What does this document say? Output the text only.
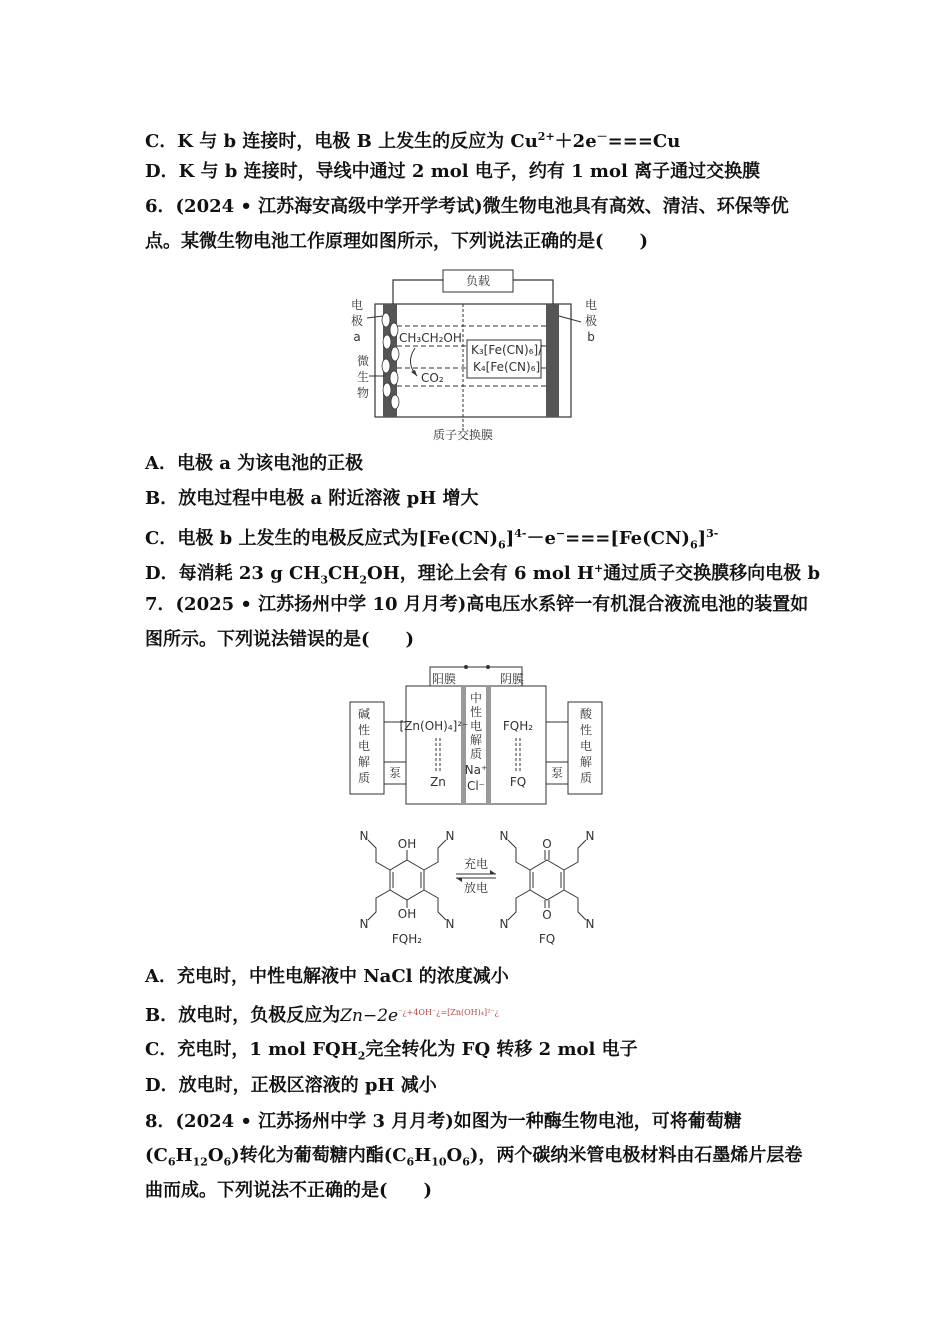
C．K 与 b 连接时，电极 B 上发生的反应为 $Cu^{2+}+2e^-===Cu$
D．K 与 b 连接时，导线中通过 2 mol 电子，约有 1 mol 离子通过交换膜
6．(2024 • 江苏海安高级中学开学考试)微生物电池具有高效、清洁、环保等优
点。某微生物电池工作原理如图所示，下列说法正确的是(　　)
负载
CH₃CH₂OH
CO₂
K₃[Fe(CN)₆]/
K₄[Fe(CN)₆]
质子交换膜
电
极
a
微
生
物
电
极
b
A．电极 a 为该电池的正极
B．放电过程中电极 a 附近溶液 pH 增大
C．电极 b 上发生的电极反应式为$[Fe(CN)_6]^{4-}-e^-===[Fe(CN)_6]^{3-}$
D．每消耗 23 g $CH_3CH_2OH$，理论上会有 6 mol H+通过质子交换膜移向电极 b
7．(2025 • 江苏扬州中学 10 月月考)高电压水系锌一有机混合液流电池的装置如
图所示。下列说法错误的是(　　)
阳膜	阴膜
中
性
电
解
质
Na⁺
Cl⁻
碱
性
电
解
质 泵
[Zn(OH)₄]²⁻
Zn
酸
性
电
解
质
泵
FQH₂
FQ
OH
OH
N	N
N	N
FQH₂
充电
放电
O
O
N	N
N	N
FQ
A．充电时，中性电解液中 NaCl 的浓度减小
B．放电时，负极反应为$Zn-2e^{^-¿+4OH^-¿=[Zn(OH)_4]^{2-}¿}$
C．充电时，1 mol $FQH_2$完全转化为 FQ 转移 2 mol 电子
D．放电时，正极区溶液的 pH 减小
8．(2024 • 江苏扬州中学 3 月月考)如图为一种酶生物电池，可将葡萄糖
$(C_6H_{12}O_6)$转化为葡萄糖内酯$(C_6H_{10}O_6)$，两个碳纳米管电极材料由石墨烯片层卷
曲而成。下列说法不正确的是(　　)
